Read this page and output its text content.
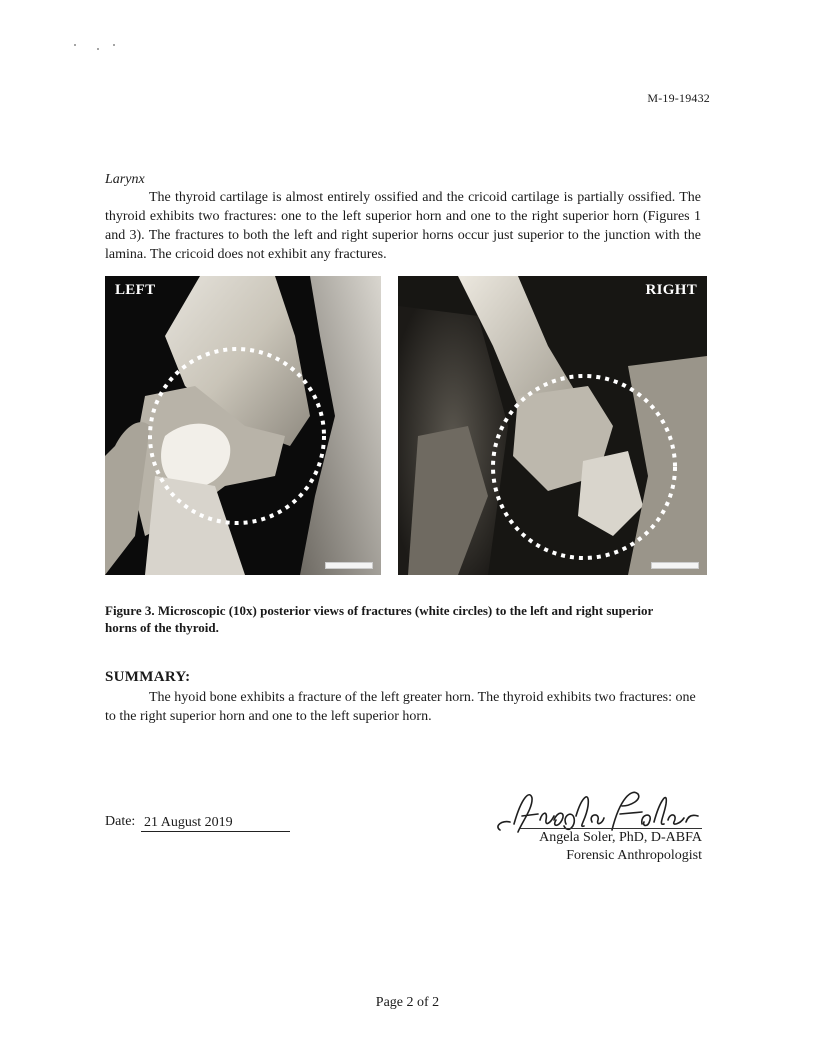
M-19-19432
Larynx

The thyroid cartilage is almost entirely ossified and the cricoid cartilage is partially ossified. The thyroid exhibits two fractures: one to the left superior horn and one to the right superior horn (Figures 1 and 3). The fractures to both the left and right superior horns occur just superior to the junction with the lamina. The cricoid does not exhibit any fractures.

LEFT	RIGHT
Figure 3. Microscopic (10x) posterior views of fractures (white circles) to the left and right superior horns of the thyroid.
SUMMARY:

The hyoid bone exhibits a fracture of the left greater horn. The thyroid exhibits two fractures: one to the right superior horn and one to the left superior horn.

Date: 21 August 2019
Angela Soler, PhD, D-ABFA
Forensic Anthropologist
Page 2 of 2
